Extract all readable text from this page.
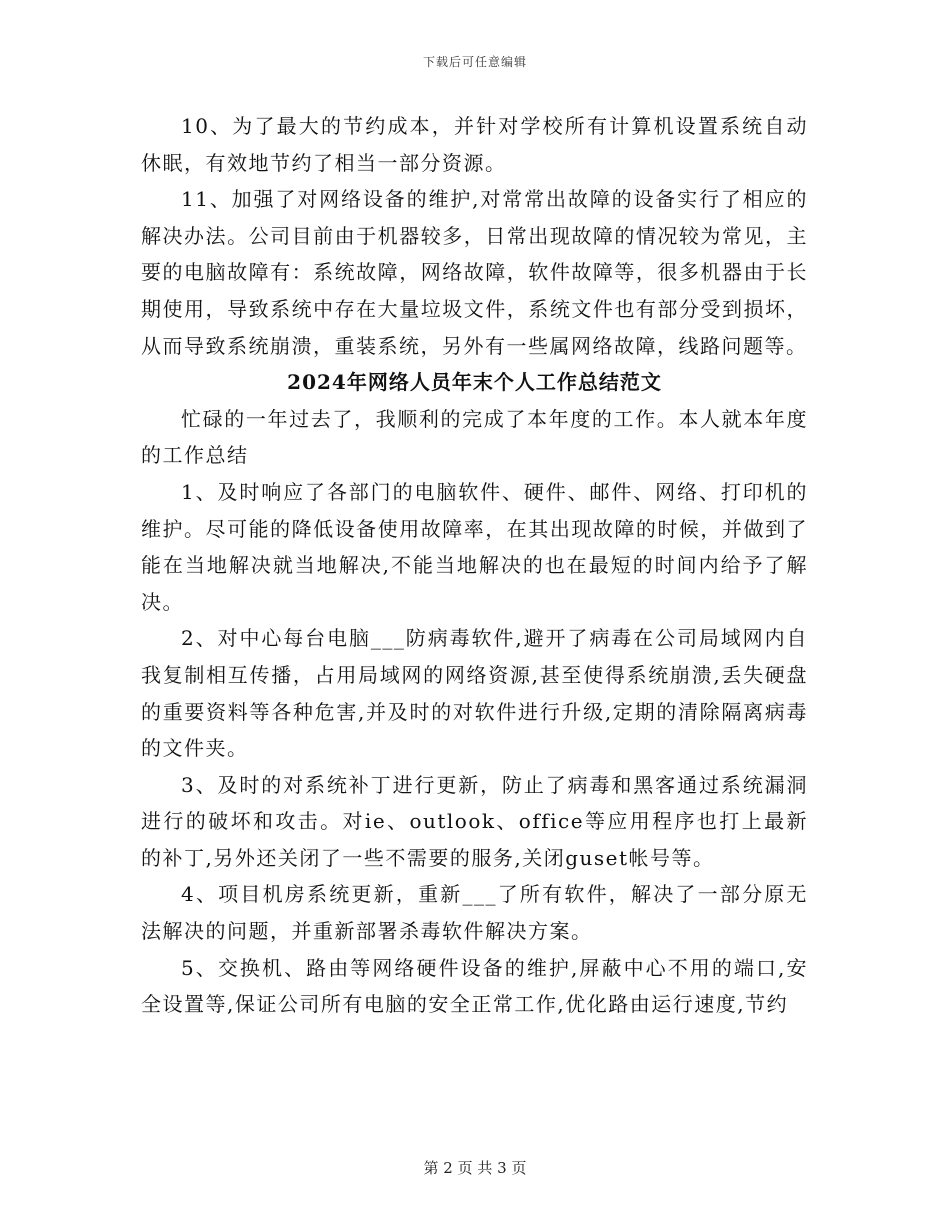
下载后可任意编辑

10、为了最大的节约成本，并针对学校所有计算机设置系统自动休眠，有效地节约了相当一部分资源。

11、加强了对网络设备的维护,对常常出故障的设备实行了相应的解决办法。公司目前由于机器较多，日常出现故障的情况较为常见，主要的电脑故障有：系统故障，网络故障，软件故障等，很多机器由于长期使用，导致系统中存在大量垃圾文件，系统文件也有部分受到损坏，从而导致系统崩溃，重装系统，另外有一些属网络故障，线路问题等。

2024年网络人员年末个人工作总结范文

忙碌的一年过去了，我顺利的完成了本年度的工作。本人就本年度的工作总结

1、及时响应了各部门的电脑软件、硬件、邮件、网络、打印机的维护。尽可能的降低设备使用故障率，在其出现故障的时候，并做到了能在当地解决就当地解决,不能当地解决的也在最短的时间内给予了解决。

2、对中心每台电脑___防病毒软件,避开了病毒在公司局域网内自我复制相互传播，占用局域网的网络资源,甚至使得系统崩溃,丢失硬盘的重要资料等各种危害,并及时的对软件进行升级,定期的清除隔离病毒的文件夹。

3、及时的对系统补丁进行更新，防止了病毒和黑客通过系统漏洞进行的破坏和攻击。对ie、outlook、office等应用程序也打上最新的补丁,另外还关闭了一些不需要的服务,关闭guset帐号等。

4、项目机房系统更新，重新___了所有软件，解决了一部分原无法解决的问题，并重新部署杀毒软件解决方案。

5、交换机、路由等网络硬件设备的维护,屏蔽中心不用的端口,安全设置等,保证公司所有电脑的安全正常工作,优化路由运行速度,节约

第 2 页 共 3 页
